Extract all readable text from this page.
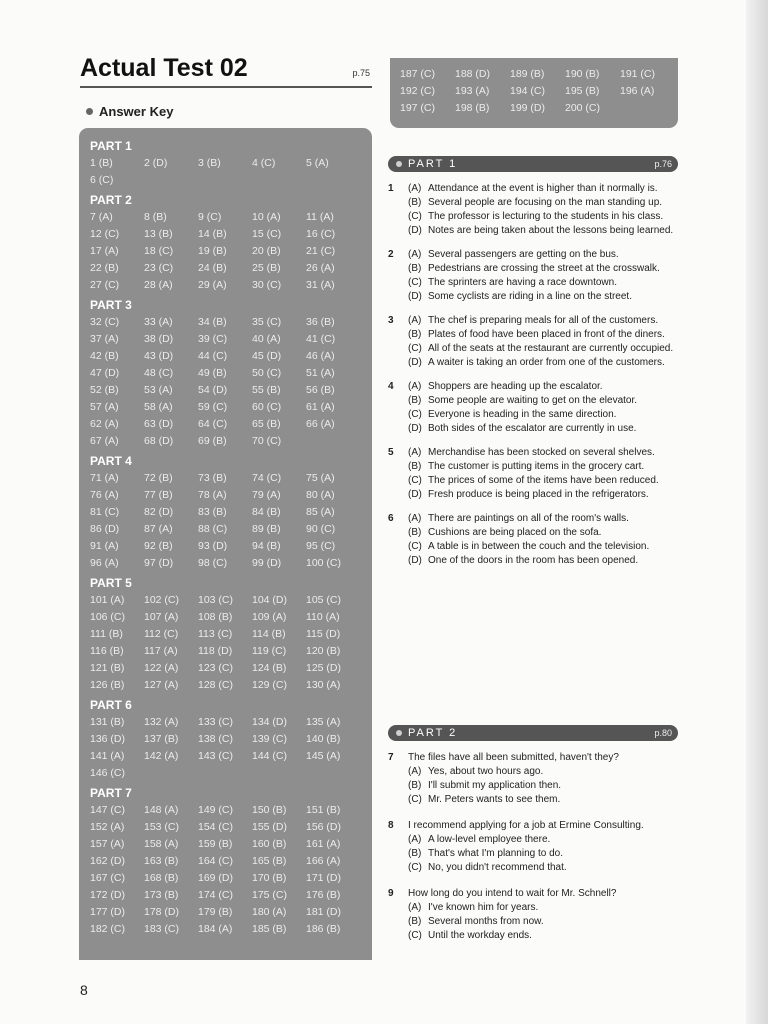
Actual Test 02	p.75
Answer Key
PART 1
1 (B)	2 (D)	3 (B)	4 (C)	5 (A)
6 (C)
PART 2
7 (A)	8 (B)	9 (C)	10 (A)	11 (A)
12 (C)	13 (B)	14 (B)	15 (C)	16 (C)
17 (A)	18 (C)	19 (B)	20 (B)	21 (C)
22 (B)	23 (C)	24 (B)	25 (B)	26 (A)
27 (C)	28 (A)	29 (A)	30 (C)	31 (A)
PART 3
32 (C)	33 (A)	34 (B)	35 (C)	36 (B)
37 (A)	38 (D)	39 (C)	40 (A)	41 (C)
42 (B)	43 (D)	44 (C)	45 (D)	46 (A)
47 (D)	48 (C)	49 (B)	50 (C)	51 (A)
52 (B)	53 (A)	54 (D)	55 (B)	56 (B)
57 (A)	58 (A)	59 (C)	60 (C)	61 (A)
62 (A)	63 (D)	64 (C)	65 (B)	66 (A)
67 (A)	68 (D)	69 (B)	70 (C)
PART 4
71 (A)	72 (B)	73 (B)	74 (C)	75 (A)
76 (A)	77 (B)	78 (A)	79 (A)	80 (A)
81 (C)	82 (D)	83 (B)	84 (B)	85 (A)
86 (D)	87 (A)	88 (C)	89 (B)	90 (C)
91 (A)	92 (B)	93 (D)	94 (B)	95 (C)
96 (A)	97 (D)	98 (C)	99 (D)	100 (C)
PART 5
101 (A)	102 (C)	103 (C)	104 (D)	105 (C)
106 (C)	107 (A)	108 (B)	109 (A)	110 (A)
111 (B)	112 (C)	113 (C)	114 (B)	115 (D)
116 (B)	117 (A)	118 (D)	119 (C)	120 (B)
121 (B)	122 (A)	123 (C)	124 (B)	125 (D)
126 (B)	127 (A)	128 (C)	129 (C)	130 (A)
PART 6
131 (B)	132 (A)	133 (C)	134 (D)	135 (A)
136 (D)	137 (B)	138 (C)	139 (C)	140 (B)
141 (A)	142 (A)	143 (C)	144 (C)	145 (A)
146 (C)
PART 7
147 (C)	148 (A)	149 (C)	150 (B)	151 (B)
152 (A)	153 (C)	154 (C)	155 (D)	156 (D)
157 (A)	158 (A)	159 (B)	160 (B)	161 (A)
162 (D)	163 (B)	164 (C)	165 (B)	166 (A)
167 (C)	168 (B)	169 (D)	170 (B)	171 (D)
172 (D)	173 (B)	174 (C)	175 (C)	176 (B)
177 (D)	178 (D)	179 (B)	180 (A)	181 (D)
182 (C)	183 (C)	184 (A)	185 (B)	186 (B)
187 (C)	188 (D)	189 (B)	190 (B)	191 (C)
192 (C)	193 (A)	194 (C)	195 (B)	196 (A)
197 (C)	198 (B)	199 (D)	200 (C)
PART 1	p.76
1 (A) Attendance at the event is higher than it normally is.
(B) Several people are focusing on the man standing up.
(C) The professor is lecturing to the students in his class.
(D) Notes are being taken about the lessons being learned.
2 (A) Several passengers are getting on the bus.
(B) Pedestrians are crossing the street at the crosswalk.
(C) The sprinters are having a race downtown.
(D) Some cyclists are riding in a line on the street.
3 (A) The chef is preparing meals for all of the customers.
(B) Plates of food have been placed in front of the diners.
(C) All of the seats at the restaurant are currently occupied.
(D) A waiter is taking an order from one of the customers.
4 (A) Shoppers are heading up the escalator.
(B) Some people are waiting to get on the elevator.
(C) Everyone is heading in the same direction.
(D) Both sides of the escalator are currently in use.
5 (A) Merchandise has been stocked on several shelves.
(B) The customer is putting items in the grocery cart.
(C) The prices of some of the items have been reduced.
(D) Fresh produce is being placed in the refrigerators.
6 (A) There are paintings on all of the room's walls.
(B) Cushions are being placed on the sofa.
(C) A table is in between the couch and the television.
(D) One of the doors in the room has been opened.
PART 2	p.80
7 The files have all been submitted, haven't they?
(A) Yes, about two hours ago.
(B) I'll submit my application then.
(C) Mr. Peters wants to see them.
8 I recommend applying for a job at Ermine Consulting.
(A) A low-level employee there.
(B) That's what I'm planning to do.
(C) No, you didn't recommend that.
9 How long do you intend to wait for Mr. Schnell?
(A) I've known him for years.
(B) Several months from now.
(C) Until the workday ends.
8
